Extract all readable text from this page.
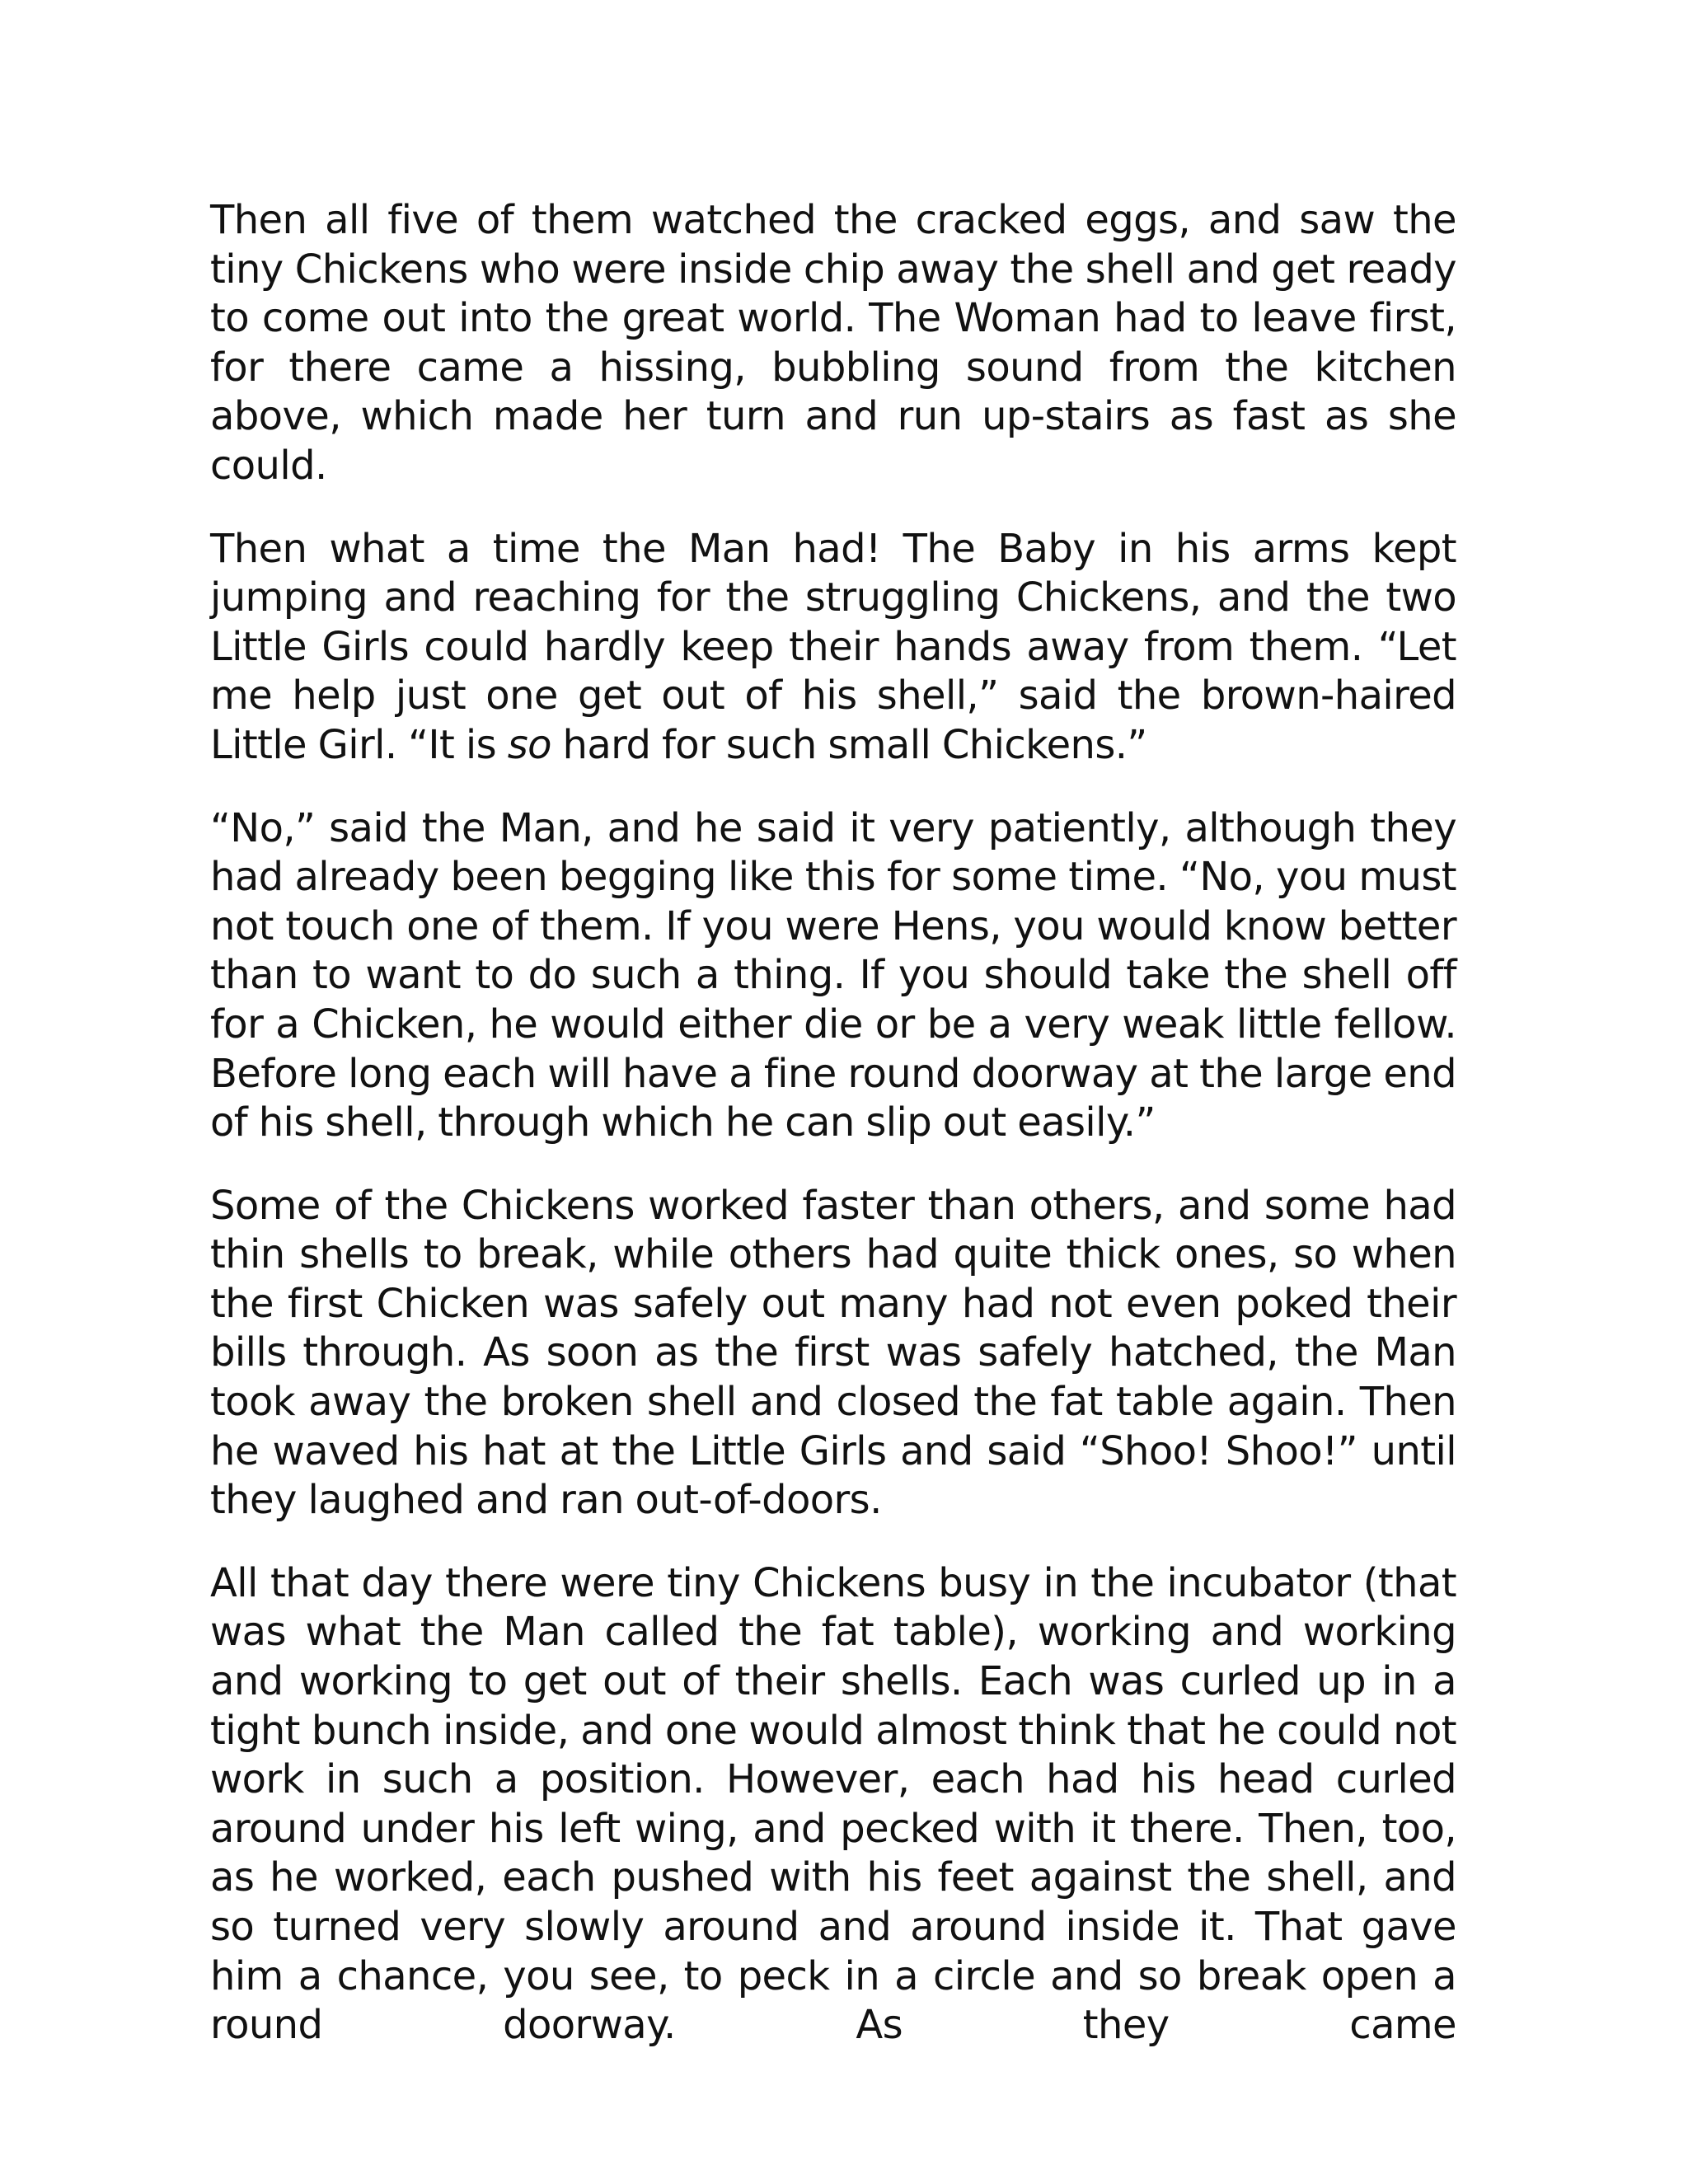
Then all five of them watched the cracked eggs, and saw the tiny Chickens who were inside chip away the shell and get ready to come out into the great world. The Woman had to leave first, for there came a hissing, bubbling sound from the kitchen above, which made her turn and run up-stairs as fast as she could.

Then what a time the Man had! The Baby in his arms kept jumping and reaching for the struggling Chickens, and the two Little Girls could hardly keep their hands away from them. “Let me help just one get out of his shell,” said the brown-haired Little Girl. “It is so hard for such small Chickens.”

“No,” said the Man, and he said it very patiently, although they had already been begging like this for some time. “No, you must not touch one of them. If you were Hens, you would know better than to want to do such a thing. If you should take the shell off for a Chicken, he would either die or be a very weak little fellow. Before long each will have a fine round doorway at the large end of his shell, through which he can slip out easily.”

Some of the Chickens worked faster than others, and some had thin shells to break, while others had quite thick ones, so when the first Chicken was safely out many had not even poked their bills through. As soon as the first was safely hatched, the Man took away the broken shell and closed the fat table again. Then he waved his hat at the Little Girls and said “Shoo! Shoo!” until they laughed and ran out-of-doors.

All that day there were tiny Chickens busy in the incubator (that was what the Man called the fat table), working and working and working to get out of their shells. Each was curled up in a tight bunch inside, and one would almost think that he could not work in such a position. However, each had his head curled around under his left wing, and pecked with it there. Then, too, as he worked, each pushed with his feet against the shell, and so turned very slowly around and around inside it. That gave him a chance, you see, to peck in a circle and so break open a round doorway. As they came
